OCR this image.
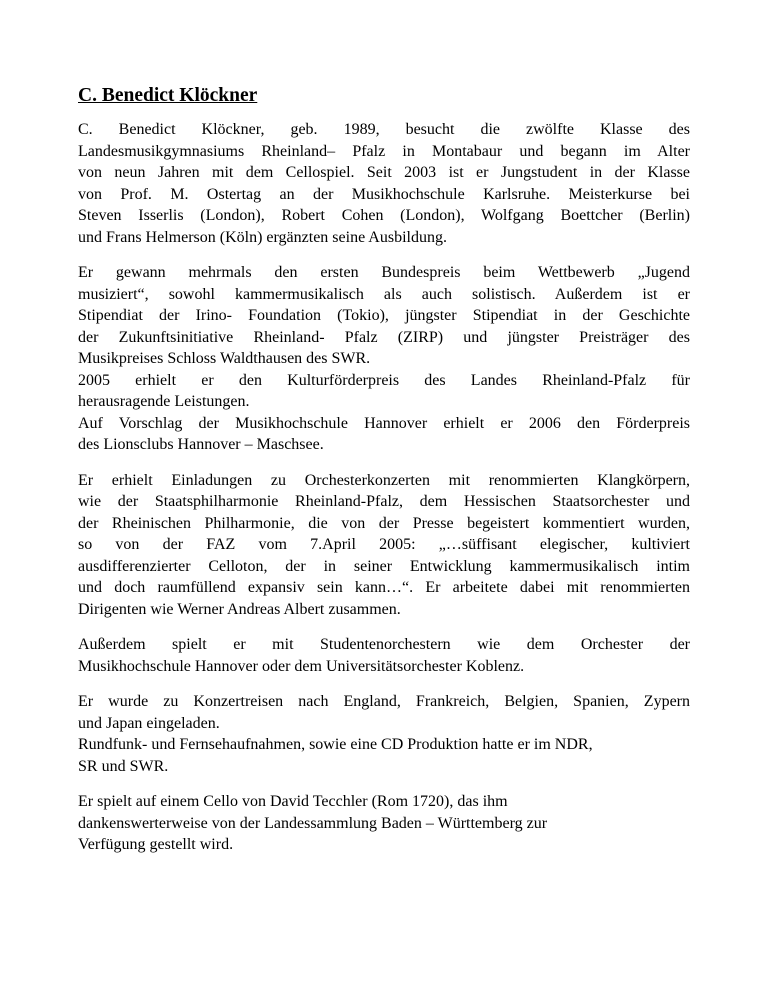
C. Benedict Klöckner
C. Benedict Klöckner, geb. 1989, besucht die zwölfte Klasse des
Landesmusikgymnasiums Rheinland– Pfalz in Montabaur und begann im Alter
von neun Jahren mit dem Cellospiel. Seit 2003 ist er Jungstudent in der Klasse
von Prof. M. Ostertag an der Musikhochschule Karlsruhe. Meisterkurse bei
Steven Isserlis (London), Robert Cohen (London), Wolfgang Boettcher (Berlin)
und Frans Helmerson (Köln) ergänzten seine Ausbildung.
Er gewann mehrmals den ersten Bundespreis beim Wettbewerb „Jugend
musiziert“, sowohl kammermusikalisch als auch solistisch. Außerdem ist er
Stipendiat der Irino- Foundation (Tokio), jüngster Stipendiat in der Geschichte
der Zukunftsinitiative Rheinland- Pfalz (ZIRP) und jüngster Preisträger des
Musikpreises Schloss Waldthausen des SWR.
2005 erhielt er den Kulturförderpreis des Landes Rheinland-Pfalz für
herausragende Leistungen.
Auf Vorschlag der Musikhochschule Hannover erhielt er 2006 den Förderpreis
des Lionsclubs Hannover – Maschsee.
Er erhielt Einladungen zu Orchesterkonzerten mit renommierten Klangkörpern,
wie der Staatsphilharmonie Rheinland-Pfalz, dem Hessischen Staatsorchester und
der Rheinischen Philharmonie, die von der Presse begeistert kommentiert wurden,
so von der FAZ vom 7.April 2005: „…süffisant elegischer, kultiviert
ausdifferenzierter Celloton, der in seiner Entwicklung kammermusikalisch intim
und doch raumfüllend expansiv sein kann…“. Er arbeitete dabei mit renommierten
Dirigenten wie Werner Andreas Albert zusammen.
Außerdem spielt er mit Studentenorchestern wie dem Orchester der
Musikhochschule Hannover oder dem Universitätsorchester Koblenz.
Er wurde zu Konzertreisen nach England, Frankreich, Belgien, Spanien, Zypern
und Japan eingeladen.
Rundfunk- und Fernsehaufnahmen, sowie eine CD Produktion hatte er im NDR,
SR und SWR.
Er spielt auf einem Cello von David Tecchler (Rom 1720), das ihm
dankenswerterweise von der Landessammlung Baden – Württemberg zur
Verfügung gestellt wird.
